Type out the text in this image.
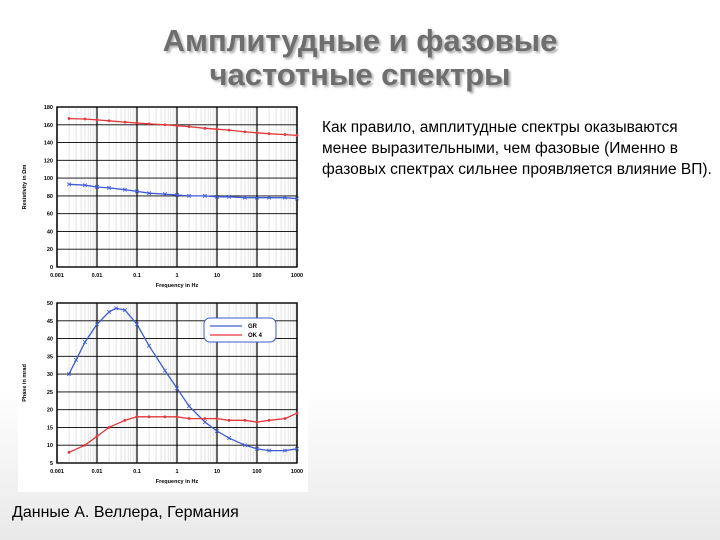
Амплитудные и фазовые
частотные спектры
Как правило, амплитудные спектры оказываются менее выразительными, чем фазовые (Именно в фазовых спектрах сильнее проявляется влияние ВП).
0.001	0.01	0.1	1	10	100	1000
0
20
40
60
80
100
120
140
160
180
Frequency in Hz
Resistivity in Ωm
0.001	0.01	0.1	1	10	100	1000
5
10
15
20
25
30
35
40
45
50
Frequency in Hz
Phase in mrad
GR
OK 4
Данные А. Веллера, Германия
